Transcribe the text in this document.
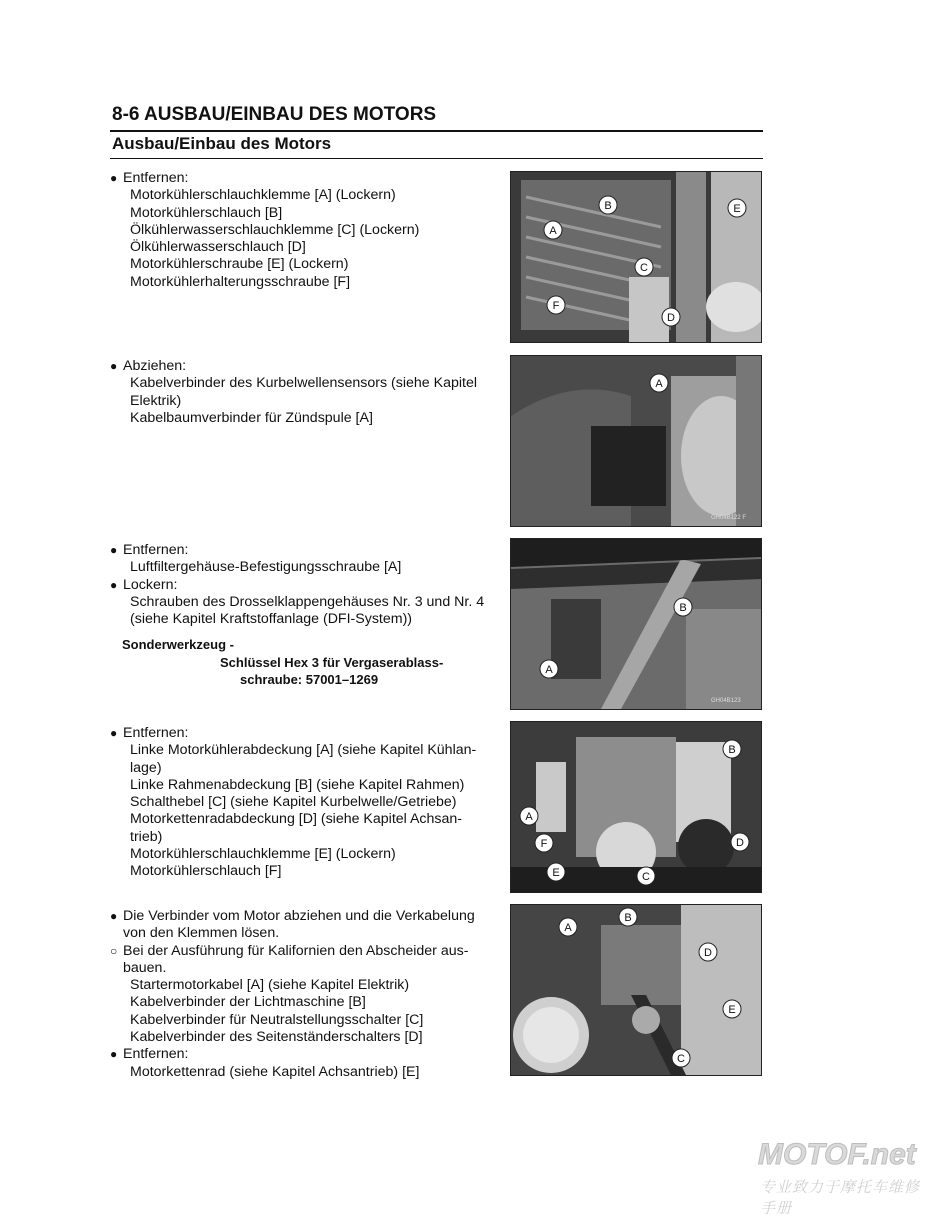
8-6 AUSBAU/EINBAU DES MOTORS
Ausbau/Einbau des Motors
● Entfernen:
Motorkühlerschlauchklemme [A] (Lockern)
Motorkühlerschlauch [B]
Ölkühlerwasserschlauchklemme [C] (Lockern)
Ölkühlerwasserschlauch [D]
Motorkühlerschraube [E] (Lockern)
Motorkühlerhalterungsschraube [F]
A
B
C
D
E
F
● Abziehen:
Kabelverbinder des Kurbelwellensensors (siehe Kapitel
Elektrik)
Kabelbaumverbinder für Zündspule [A]
A
GH04B122 F
● Entfernen:
Luftfiltergehäuse-Befestigungsschraube [A]
● Lockern:
Schrauben des Drosselklappengehäuses Nr. 3 und Nr. 4
(siehe Kapitel Kraftstoffanlage (DFI-System))
Sonderwerkzeug -
Schlüssel Hex 3 für Vergaserablass-
schraube: 57001–1269
A
B
GH04B123
● Entfernen:
Linke Motorkühlerabdeckung [A] (siehe Kapitel Kühlan-
lage)
Linke Rahmenabdeckung [B] (siehe Kapitel Rahmen)
Schalthebel [C] (siehe Kapitel Kurbelwelle/Getriebe)
Motorkettenradabdeckung [D] (siehe Kapitel Achsan-
trieb)
Motorkühlerschlauchklemme [E] (Lockern)
Motorkühlerschlauch [F]
A
B
C
D
E
F
● Die Verbinder vom Motor abziehen und die Verkabelung
von den Klemmen lösen.
○ Bei der Ausführung für Kalifornien den Abscheider aus-
bauen.
Startermotorkabel [A] (siehe Kapitel Elektrik)
Kabelverbinder der Lichtmaschine [B]
Kabelverbinder für Neutralstellungsschalter [C]
Kabelverbinder des Seitenständerschalters [D]
● Entfernen:
Motorkettenrad (siehe Kapitel Achsantrieb) [E]
A
B
C
D
E
MOTOF.net
专业致力于摩托车维修手册
